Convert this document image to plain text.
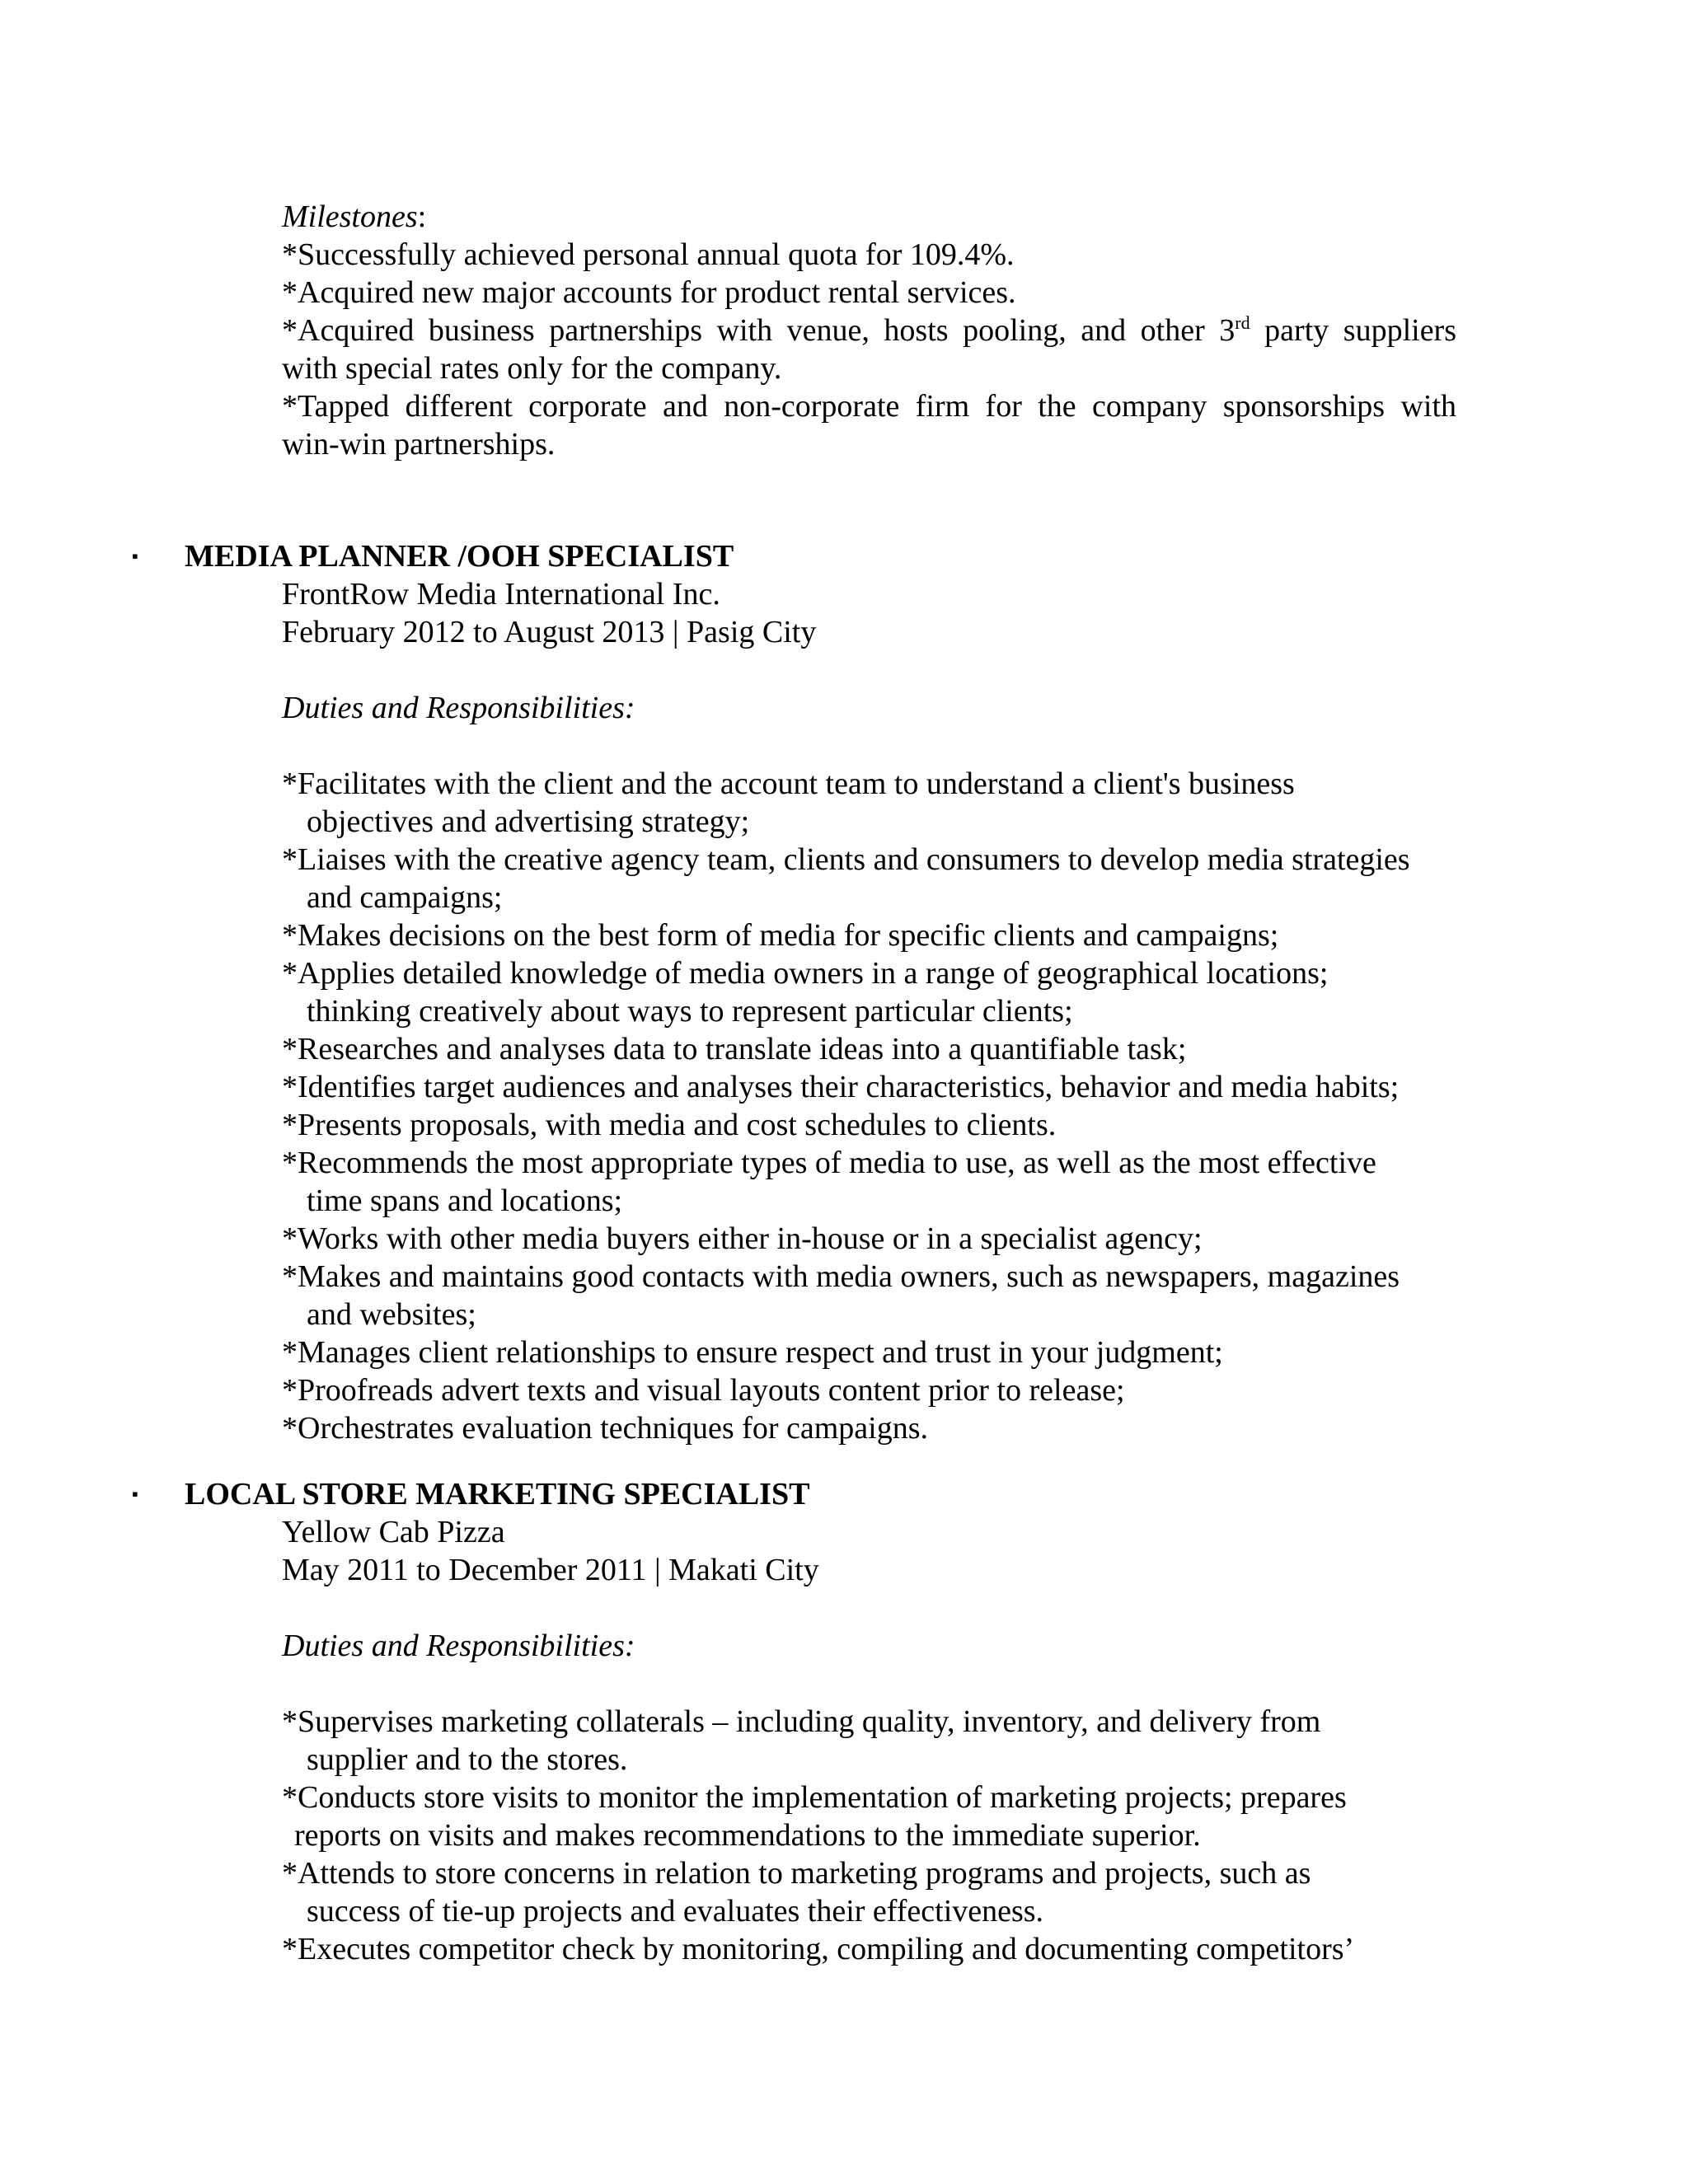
Milestones:
*Successfully achieved personal annual quota for 109.4%.
*Acquired new major accounts for product rental services.
*Acquired business partnerships with venue, hosts pooling, and other 3rd party suppliers
with special rates only for the company.
*Tapped different corporate and non-corporate firm for the company sponsorships with
win-win partnerships.
▪ MEDIA PLANNER /OOH SPECIALIST
FrontRow Media International Inc.
February 2012 to August 2013 | Pasig City
Duties and Responsibilities:
*Facilitates with the client and the account team to understand a client's business
objectives and advertising strategy;
*Liaises with the creative agency team, clients and consumers to develop media strategies
and campaigns;
*Makes decisions on the best form of media for specific clients and campaigns;
*Applies detailed knowledge of media owners in a range of geographical locations;
thinking creatively about ways to represent particular clients;
*Researches and analyses data to translate ideas into a quantifiable task;
*Identifies target audiences and analyses their characteristics, behavior and media habits;
*Presents proposals, with media and cost schedules to clients.
*Recommends the most appropriate types of media to use, as well as the most effective
time spans and locations;
*Works with other media buyers either in-house or in a specialist agency;
*Makes and maintains good contacts with media owners, such as newspapers, magazines
and websites;
*Manages client relationships to ensure respect and trust in your judgment;
*Proofreads advert texts and visual layouts content prior to release;
*Orchestrates evaluation techniques for campaigns.
▪ LOCAL STORE MARKETING SPECIALIST
Yellow Cab Pizza
May 2011 to December 2011 | Makati City
Duties and Responsibilities:
*Supervises marketing collaterals – including quality, inventory, and delivery from
supplier and to the stores.
*Conducts store visits to monitor the implementation of marketing projects; prepares
reports on visits and makes recommendations to the immediate superior.
*Attends to store concerns in relation to marketing programs and projects, such as
success of tie-up projects and evaluates their effectiveness.
*Executes competitor check by monitoring, compiling and documenting competitors’
